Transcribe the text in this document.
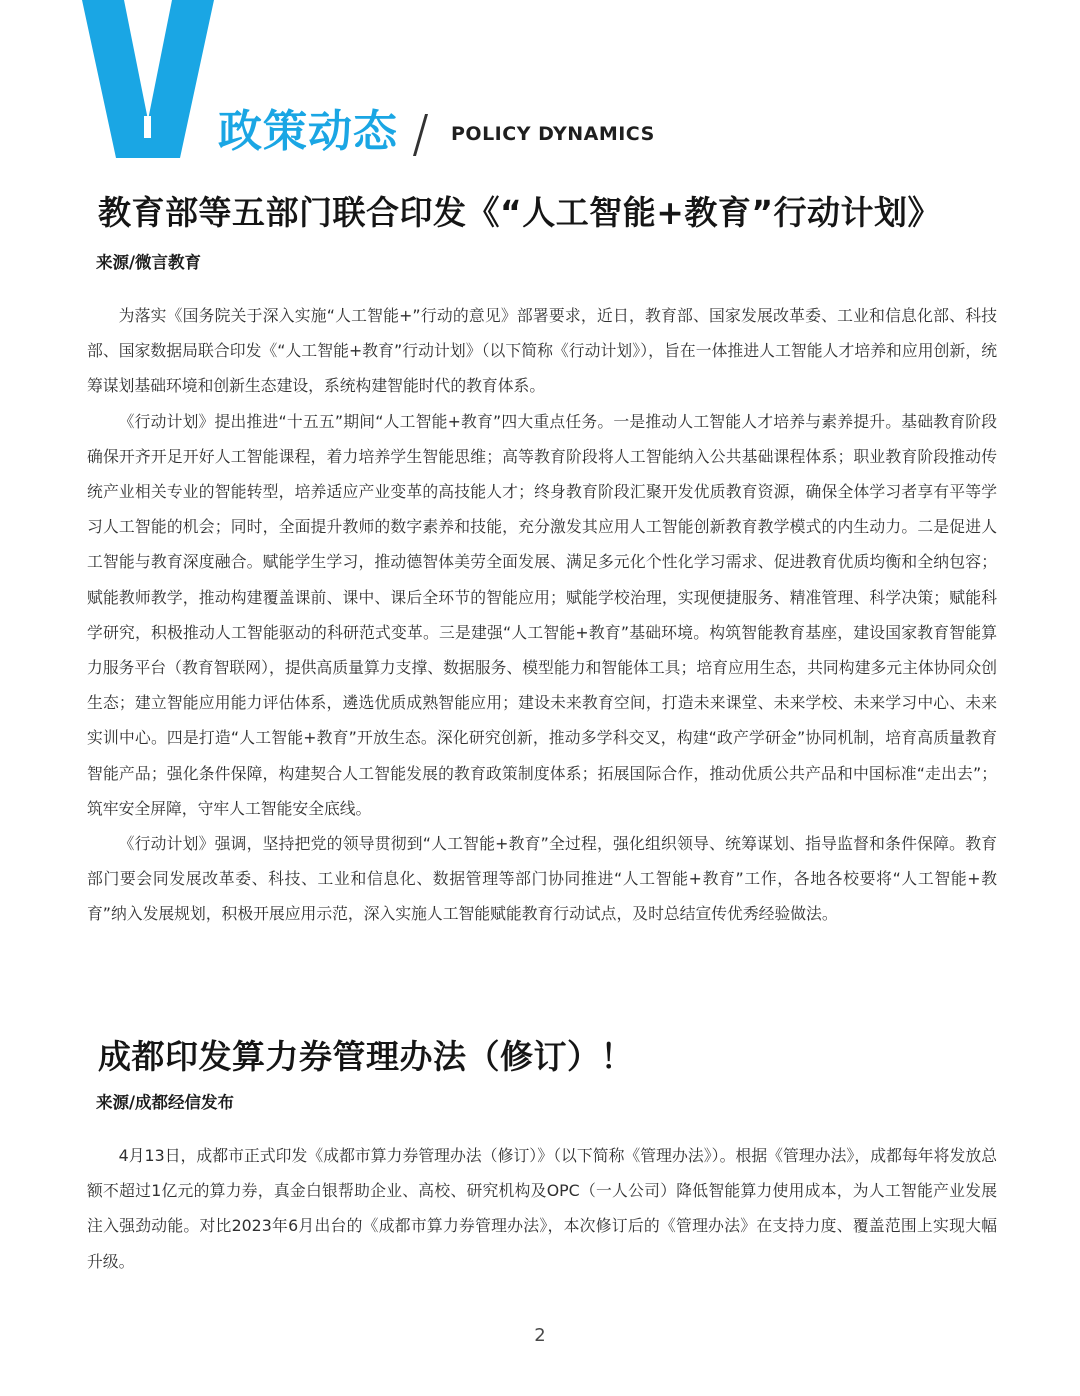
政策动态	POLICY DYNAMICS
教育部等五部门联合印发《“人工智能+教育”行动计划》
来源/微言教育

为落实《国务院关于深入实施“人工智能+”行动的意见》部署要求，近日，教育部、国家发展改革委、工业和信息化部、科技部、国家数据局联合印发《“人工智能+教育”行动计划》（以下简称《行动计划》），旨在一体推进人工智能人才培养和应用创新，统筹谋划基础环境和创新生态建设，系统构建智能时代的教育体系。

《行动计划》提出推进“十五五”期间“人工智能+教育”四大重点任务。一是推动人工智能人才培养与素养提升。基础教育阶段确保开齐开足开好人工智能课程，着力培养学生智能思维；高等教育阶段将人工智能纳入公共基础课程体系；职业教育阶段推动传统产业相关专业的智能转型，培养适应产业变革的高技能人才；终身教育阶段汇聚开发优质教育资源，确保全体学习者享有平等学习人工智能的机会；同时，全面提升教师的数字素养和技能，充分激发其应用人工智能创新教育教学模式的内生动力。二是促进人工智能与教育深度融合。赋能学生学习，推动德智体美劳全面发展、满足多元化个性化学习需求、促进教育优质均衡和全纳包容；赋能教师教学，推动构建覆盖课前、课中、课后全环节的智能应用；赋能学校治理，实现便捷服务、精准管理、科学决策；赋能科学研究，积极推动人工智能驱动的科研范式变革。三是建强“人工智能+教育”基础环境。构筑智能教育基座，建设国家教育智能算力服务平台（教育智联网），提供高质量算力支撑、数据服务、模型能力和智能体工具；培育应用生态，共同构建多元主体协同众创生态；建立智能应用能力评估体系，遴选优质成熟智能应用；建设未来教育空间，打造未来课堂、未来学校、未来学习中心、未来实训中心。四是打造“人工智能+教育”开放生态。深化研究创新，推动多学科交叉，构建“政产学研金”协同机制，培育高质量教育智能产品；强化条件保障，构建契合人工智能发展的教育政策制度体系；拓展国际合作，推动优质公共产品和中国标准“走出去”；筑牢安全屏障，守牢人工智能安全底线。

《行动计划》强调，坚持把党的领导贯彻到“人工智能+教育”全过程，强化组织领导、统筹谋划、指导监督和条件保障。教育部门要会同发展改革委、科技、工业和信息化、数据管理等部门协同推进“人工智能+教育”工作，各地各校要将“人工智能+教育”纳入发展规划，积极开展应用示范，深入实施人工智能赋能教育行动试点，及时总结宣传优秀经验做法。

成都印发算力券管理办法（修订）！
来源/成都经信发布

4月13日，成都市正式印发《成都市算力券管理办法（修订）》（以下简称《管理办法》）。根据《管理办法》，成都每年将发放总额不超过1亿元的算力券，真金白银帮助企业、高校、研究机构及OPC（一人公司）降低智能算力使用成本，为人工智能产业发展注入强劲动能。对比2023年6月出台的《成都市算力券管理办法》，本次修订后的《管理办法》在支持力度、覆盖范围上实现大幅升级。

2
